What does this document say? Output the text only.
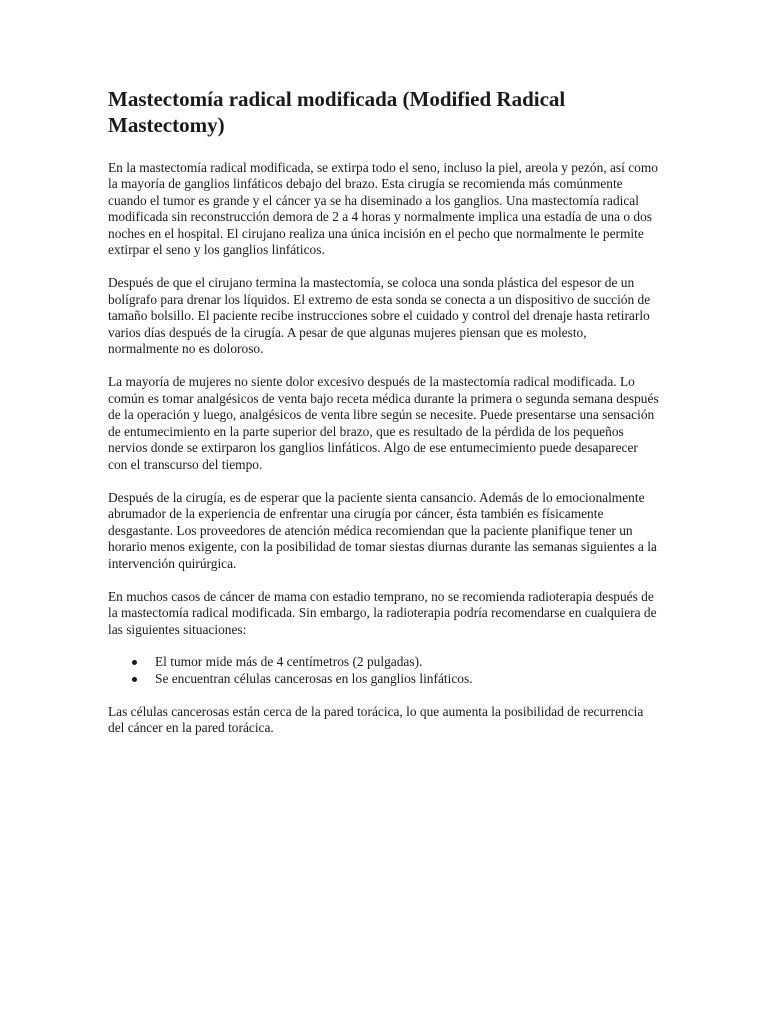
Mastectomía radical modificada (Modified Radical Mastectomy)

En la mastectomía radical modificada, se extirpa todo el seno, incluso la piel, areola y pezón, así como la mayoría de ganglios linfáticos debajo del brazo. Esta cirugía se recomienda más comúnmente cuando el tumor es grande y el cáncer ya se ha diseminado a los ganglios. Una mastectomía radical modificada sin reconstrucción demora de 2 a 4 horas y normalmente implica una estadía de una o dos noches en el hospital. El cirujano realiza una única incisión en el pecho que normalmente le permite extirpar el seno y los ganglios linfáticos.

Después de que el cirujano termina la mastectomía, se coloca una sonda plástica del espesor de un bolígrafo para drenar los líquidos. El extremo de esta sonda se conecta a un dispositivo de succión de tamaño bolsillo. El paciente recibe instrucciones sobre el cuidado y control del drenaje hasta retirarlo varios días después de la cirugía. A pesar de que algunas mujeres piensan que es molesto, normalmente no es doloroso.

La mayoría de mujeres no siente dolor excesivo después de la mastectomía radical modificada. Lo común es tomar analgésicos de venta bajo receta médica durante la primera o segunda semana después de la operación y luego, analgésicos de venta libre según se necesite. Puede presentarse una sensación de entumecimiento en la parte superior del brazo, que es resultado de la pérdida de los pequeños nervios donde se extirparon los ganglios linfáticos. Algo de ese entumecimiento puede desaparecer con el transcurso del tiempo.

Después de la cirugía, es de esperar que la paciente sienta cansancio. Además de lo emocionalmente abrumador de la experiencia de enfrentar una cirugía por cáncer, ésta también es físicamente desgastante. Los proveedores de atención médica recomiendan que la paciente planifique tener un horario menos exigente, con la posibilidad de tomar siestas diurnas durante las semanas siguientes a la intervención quirúrgica.

En muchos casos de cáncer de mama con estadio temprano, no se recomienda radioterapia después de la mastectomía radical modificada. Sin embargo, la radioterapia podría recomendarse en cualquiera de las siguientes situaciones:

El tumor mide más de 4 centímetros (2 pulgadas).
Se encuentran células cancerosas en los ganglios linfáticos.

Las células cancerosas están cerca de la pared torácica, lo que aumenta la posibilidad de recurrencia del cáncer en la pared torácica.
